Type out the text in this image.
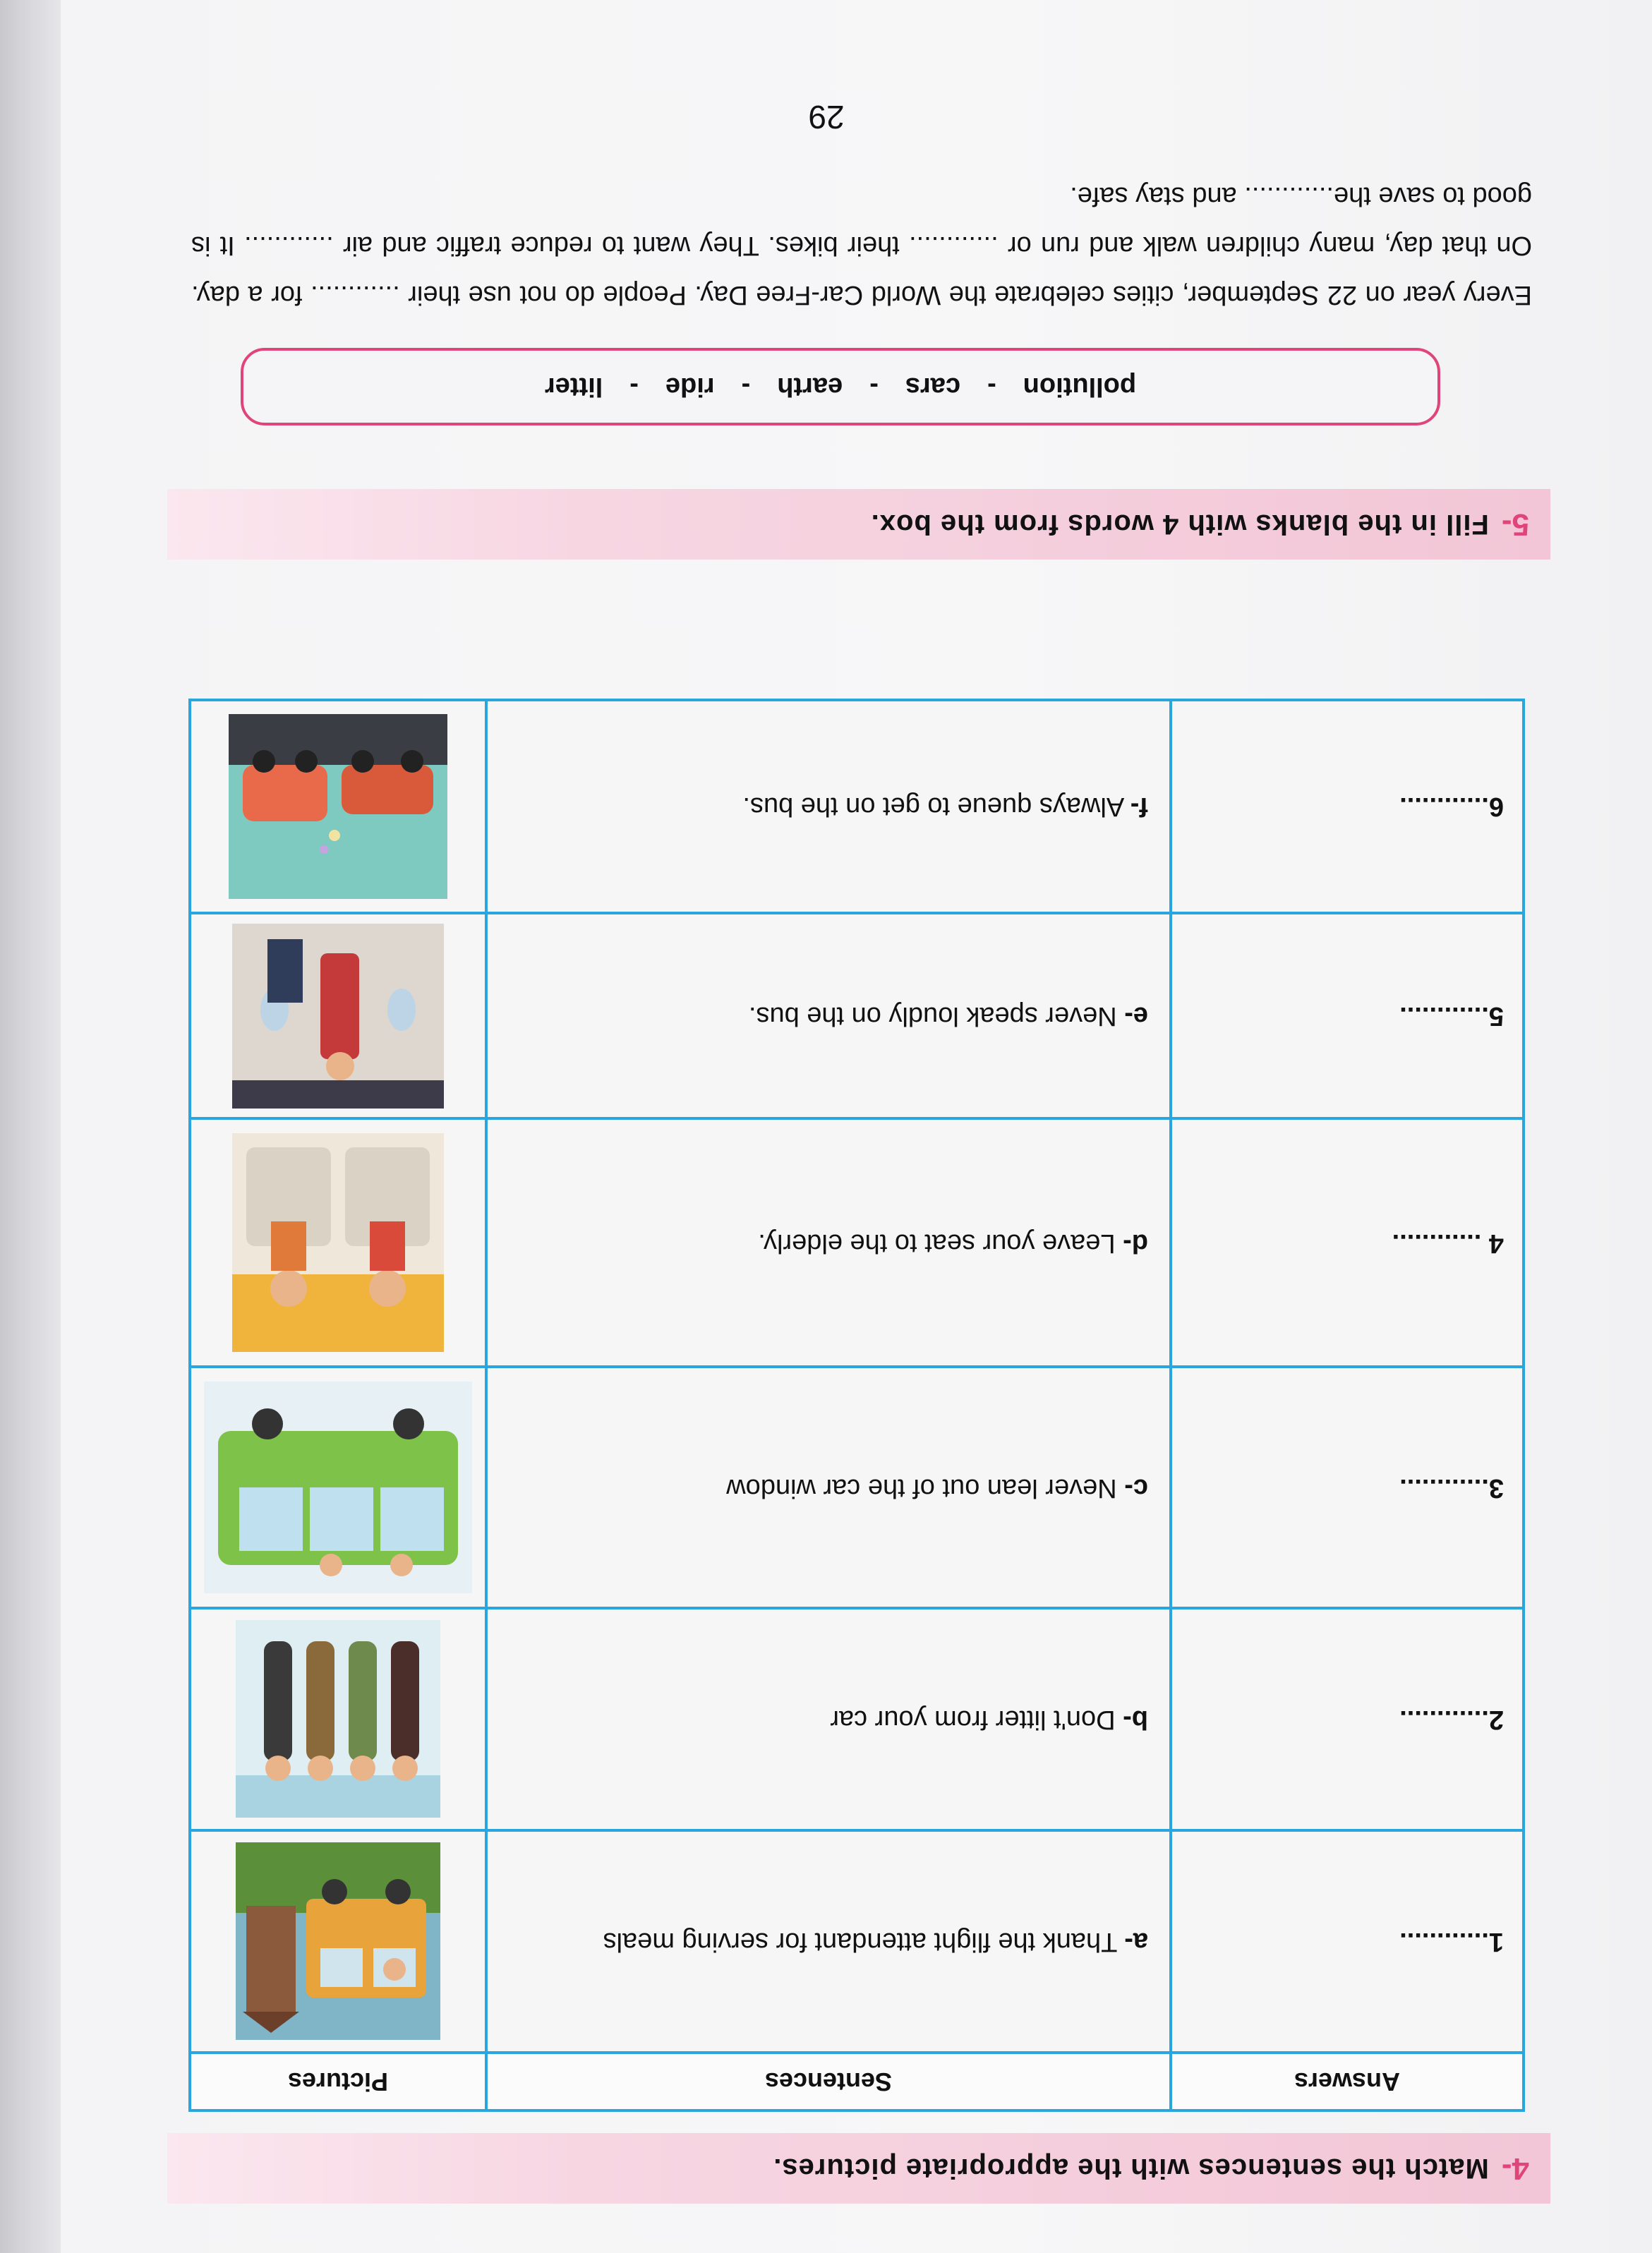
4-
Match the sentences with the appropriate pictures.
Answers	Sentences	Pictures
1............	a- Thank the flight attendant for serving meals	
2............	b- Don't litter from your car	
3............	c- Never lean out of the car window	
4 ............	d- Leave your seat to the elderly.	
5............	e- Never speak loudly on the bus.	
6............	f- Always queue to get on the bus.	
5-
Fill in the blanks with 4 words from the box.
pollution
-
cars
-
earth
-
ride
-
litter

Every year on 22 September, cities celebrate the World Car-Free Day. People do not use their ............ for a day. On that day, many children walk and run or ............ their bikes. They want to reduce traffic and air ............ It is good to save the............ and stay safe.

29
